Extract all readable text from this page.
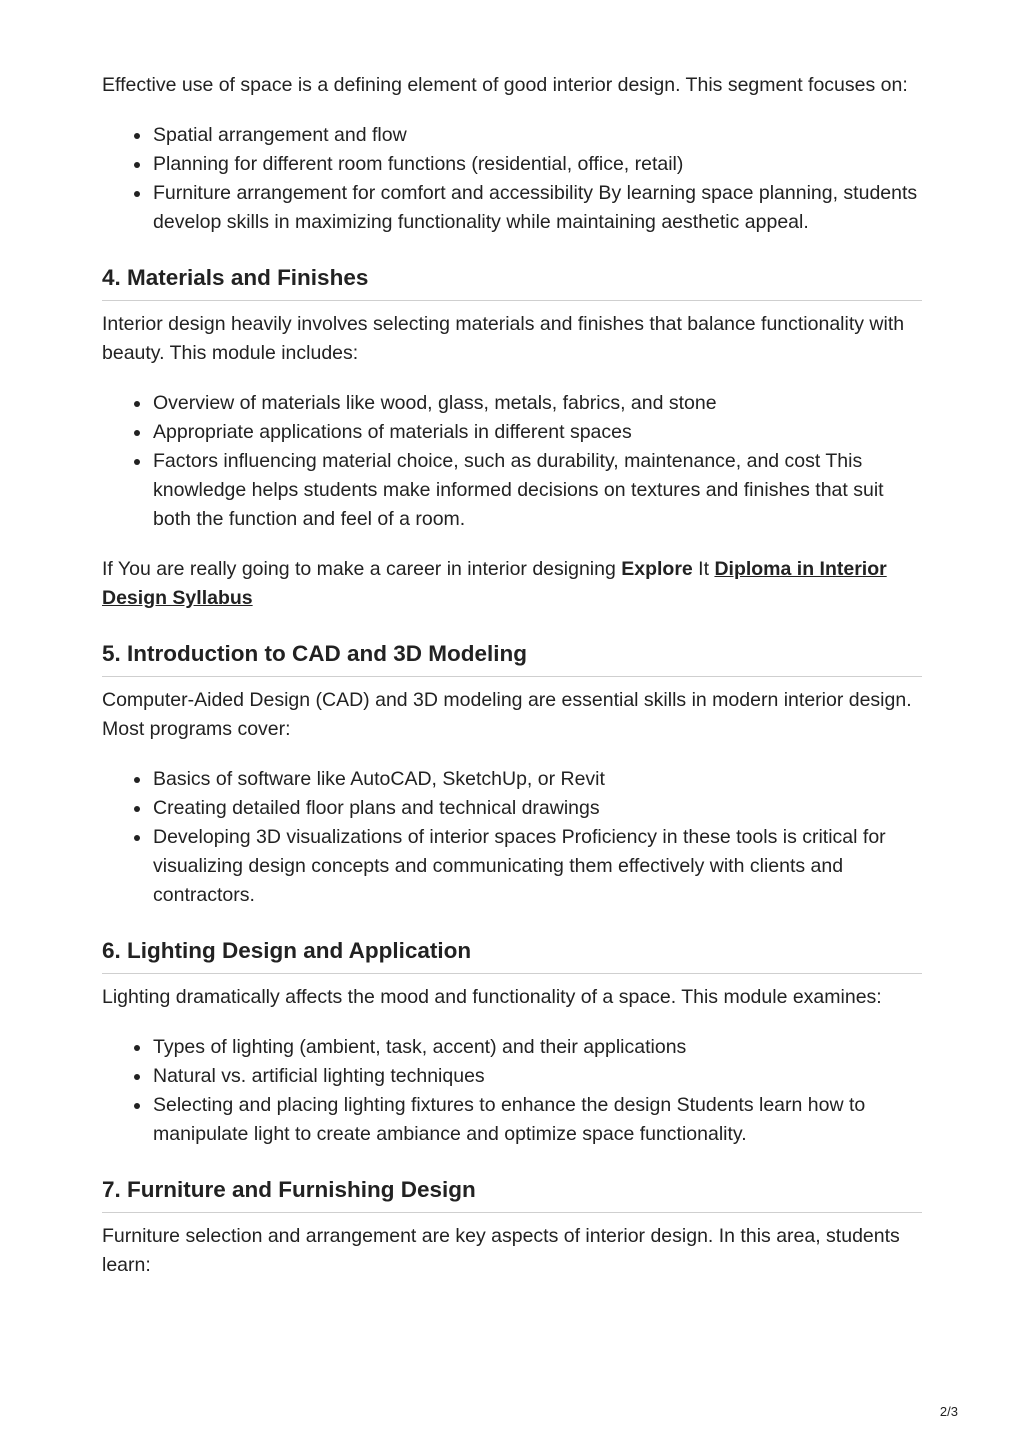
Effective use of space is a defining element of good interior design. This segment focuses on:

Spatial arrangement and flow
Planning for different room functions (residential, office, retail)
Furniture arrangement for comfort and accessibility By learning space planning, students develop skills in maximizing functionality while maintaining aesthetic appeal.
4. Materials and Finishes

Interior design heavily involves selecting materials and finishes that balance functionality with beauty. This module includes:

Overview of materials like wood, glass, metals, fabrics, and stone
Appropriate applications of materials in different spaces
Factors influencing material choice, such as durability, maintenance, and cost This knowledge helps students make informed decisions on textures and finishes that suit both the function and feel of a room.

If You are really going to make a career in interior designing Explore It Diploma in Interior Design Syllabus

5. Introduction to CAD and 3D Modeling

Computer-Aided Design (CAD) and 3D modeling are essential skills in modern interior design. Most programs cover:

Basics of software like AutoCAD, SketchUp, or Revit
Creating detailed floor plans and technical drawings
Developing 3D visualizations of interior spaces Proficiency in these tools is critical for visualizing design concepts and communicating them effectively with clients and contractors.
6. Lighting Design and Application

Lighting dramatically affects the mood and functionality of a space. This module examines:

Types of lighting (ambient, task, accent) and their applications
Natural vs. artificial lighting techniques
Selecting and placing lighting fixtures to enhance the design Students learn how to manipulate light to create ambiance and optimize space functionality.
7. Furniture and Furnishing Design

Furniture selection and arrangement are key aspects of interior design. In this area, students learn:

2/3
